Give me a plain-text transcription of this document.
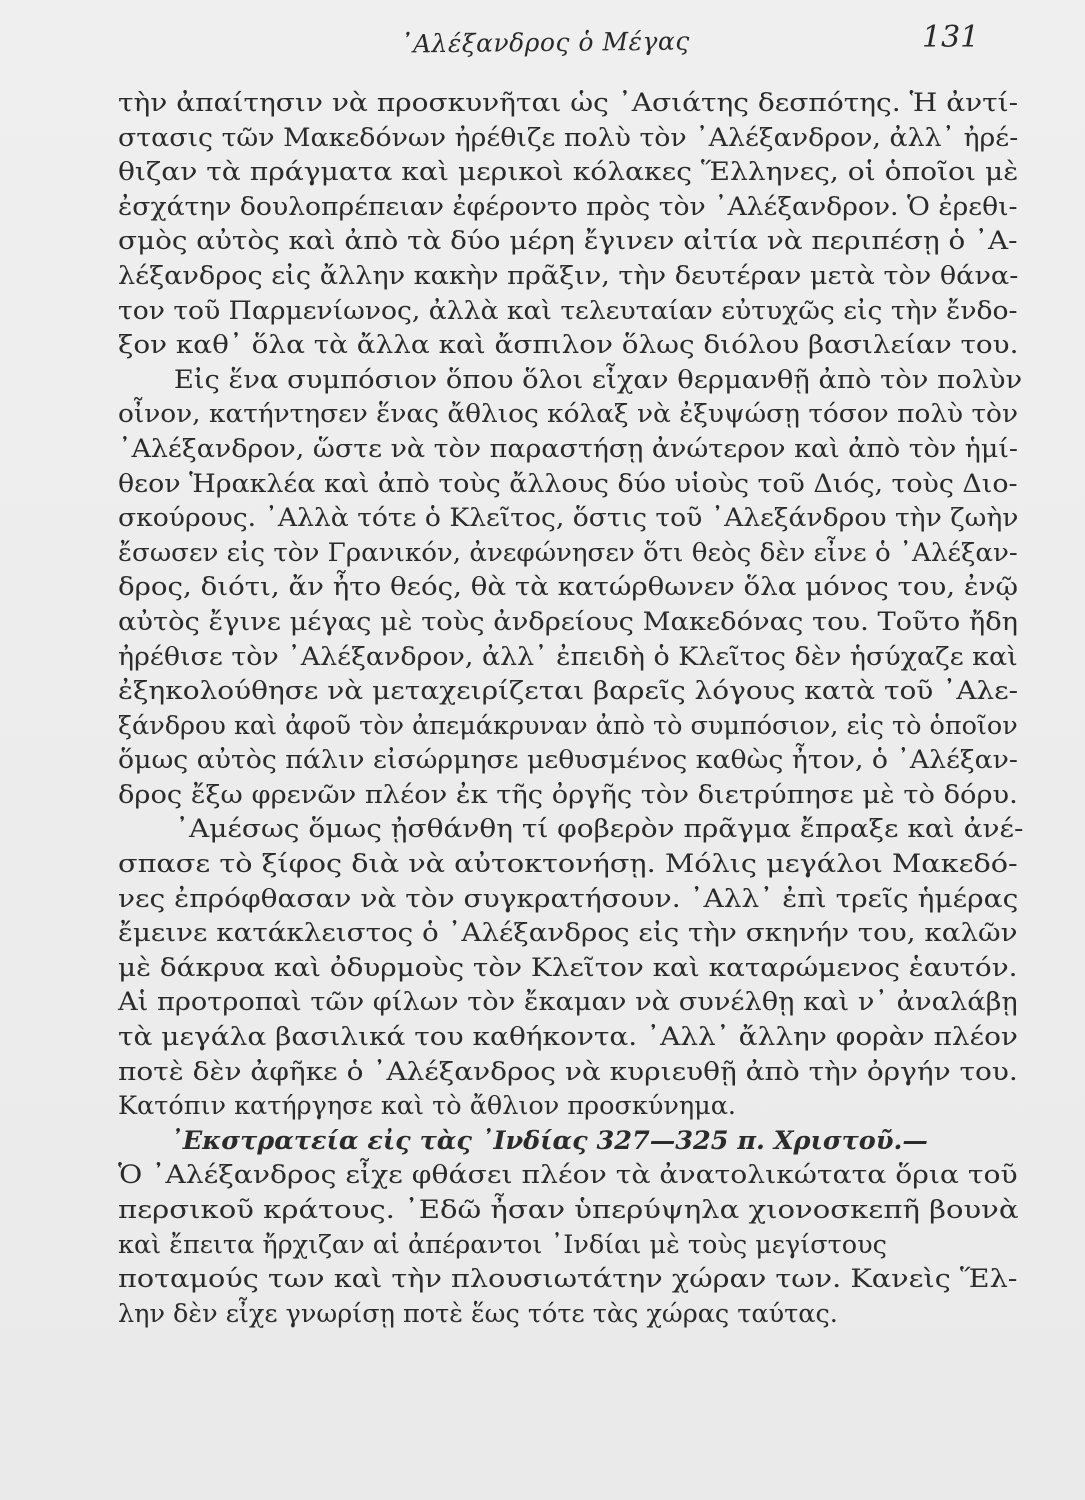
᾿Αλέξανδρος ὁ Μέγας	131
τὴν ἀπαίτησιν νὰ προσκυνῆται ὡς ᾿Ασιάτης δεσπότης. Ἡ ἀντί-
στασις τῶν Μακεδόνων ἠρέθιζε πολὺ τὸν ᾿Αλέξανδρον, ἀλλ᾿ ἠρέ-
θιζαν τὰ πράγματα καὶ μερικοὶ κόλακες Ἕλληνες, οἱ ὁποῖοι μὲ
ἐσχάτην δουλοπρέπειαν ἐφέροντο πρὸς τὸν ᾿Αλέξανδρον. Ὁ ἐρεθι-
σμὸς αὐτὸς καὶ ἀπὸ τὰ δύο μέρη ἔγινεν αἰτία νὰ περιπέσῃ ὁ ᾿Α-
λέξανδρος εἰς ἄλλην κακὴν πρᾶξιν, τὴν δευτέραν μετὰ τὸν θάνα-
τον τοῦ Παρμενίωνος, ἀλλὰ καὶ τελευταίαν εὐτυχῶς εἰς τὴν ἔνδο-
ξον καθ᾿ ὅλα τὰ ἄλλα καὶ ἄσπιλον ὅλως διόλου βασιλείαν του.
Εἰς ἕνα συμπόσιον ὅπου ὅλοι εἶχαν θερμανθῇ ἀπὸ τὸν πολὺν
οἶνον, κατήντησεν ἕνας ἄθλιος κόλαξ νὰ ἐξυψώσῃ τόσον πολὺ τὸν
᾿Αλέξανδρον, ὥστε νὰ τὸν παραστήσῃ ἀνώτερον καὶ ἀπὸ τὸν ἡμί-
θεον Ἡρακλέα καὶ ἀπὸ τοὺς ἄλλους δύο υἱοὺς τοῦ Διός, τοὺς Διο-
σκούρους. ᾿Αλλὰ τότε ὁ Κλεῖτος, ὅστις τοῦ ᾿Αλεξάνδρου τὴν ζωὴν
ἔσωσεν εἰς τὸν Γρανικόν, ἀνεφώνησεν ὅτι θεὸς δὲν εἶνε ὁ ᾿Αλέξαν-
δρος, διότι, ἄν ἦτο θεός, θὰ τὰ κατώρθωνεν ὅλα μόνος του, ἐνῷ
αὐτὸς ἔγινε μέγας μὲ τοὺς ἀνδρείους Μακεδόνας του. Τοῦτο ἤδη
ἠρέθισε τὸν ᾿Αλέξανδρον, ἀλλ᾿ ἐπειδὴ ὁ Κλεῖτος δὲν ἡσύχαζε καὶ
ἐξηκολούθησε νὰ μεταχειρίζεται βαρεῖς λόγους κατὰ τοῦ ᾿Αλε-
ξάνδρου καὶ ἀφοῦ τὸν ἀπεμάκρυναν ἀπὸ τὸ συμπόσιον, εἰς τὸ ὁποῖον
ὅμως αὐτὸς πάλιν εἰσώρμησε μεθυσμένος καθὼς ἦτον, ὁ ᾿Αλέξαν-
δρος ἔξω φρενῶν πλέον ἐκ τῆς ὀργῆς τὸν διετρύπησε μὲ τὸ δόρυ.
᾿Αμέσως ὅμως ᾐσθάνθη τί φοβερὸν πρᾶγμα ἔπραξε καὶ ἀνέ-
σπασε τὸ ξίφος διὰ νὰ αὐτοκτονήσῃ. Μόλις μεγάλοι Μακεδό-
νες ἐπρόφθασαν νὰ τὸν συγκρατήσουν. ᾿Αλλ᾿ ἐπὶ τρεῖς ἡμέρας
ἔμεινε κατάκλειστος ὁ ᾿Αλέξανδρος εἰς τὴν σκηνήν του, καλῶν
μὲ δάκρυα καὶ ὀδυρμοὺς τὸν Κλεῖτον καὶ καταρώμενος ἑαυτόν.
Αἱ προτροπαὶ τῶν φίλων τὸν ἔκαμαν νὰ συνέλθῃ καὶ ν᾿ ἀναλάβῃ
τὰ μεγάλα βασιλικά του καθήκοντα. ᾿Αλλ᾿ ἄλλην φορὰν πλέον
ποτὲ δὲν ἀφῆκε ὁ ᾿Αλέξανδρος νὰ κυριευθῇ ἀπὸ τὴν ὀργήν του.
Κατόπιν κατήργησε καὶ τὸ ἄθλιον προσκύνημα.
᾿Εκστρατεία εἰς τὰς ᾿Ινδίας 327—325 π. Χριστοῦ.—
Ὁ ᾿Αλέξανδρος εἶχε φθάσει πλέον τὰ ἀνατολικώτατα ὅρια τοῦ
περσικοῦ κράτους. ᾿Εδῶ ἦσαν ὑπερύψηλα χιονοσκεπῆ βουνὰ
καὶ ἔπειτα ἤρχιζαν αἱ ἀπέραντοι ᾿Ινδίαι μὲ τοὺς μεγίστους
ποταμούς των καὶ τὴν πλουσιωτάτην χώραν των. Κανεὶς Ἕλ-
λην δὲν εἶχε γνωρίσῃ ποτὲ ἕως τότε τὰς χώρας ταύτας.
